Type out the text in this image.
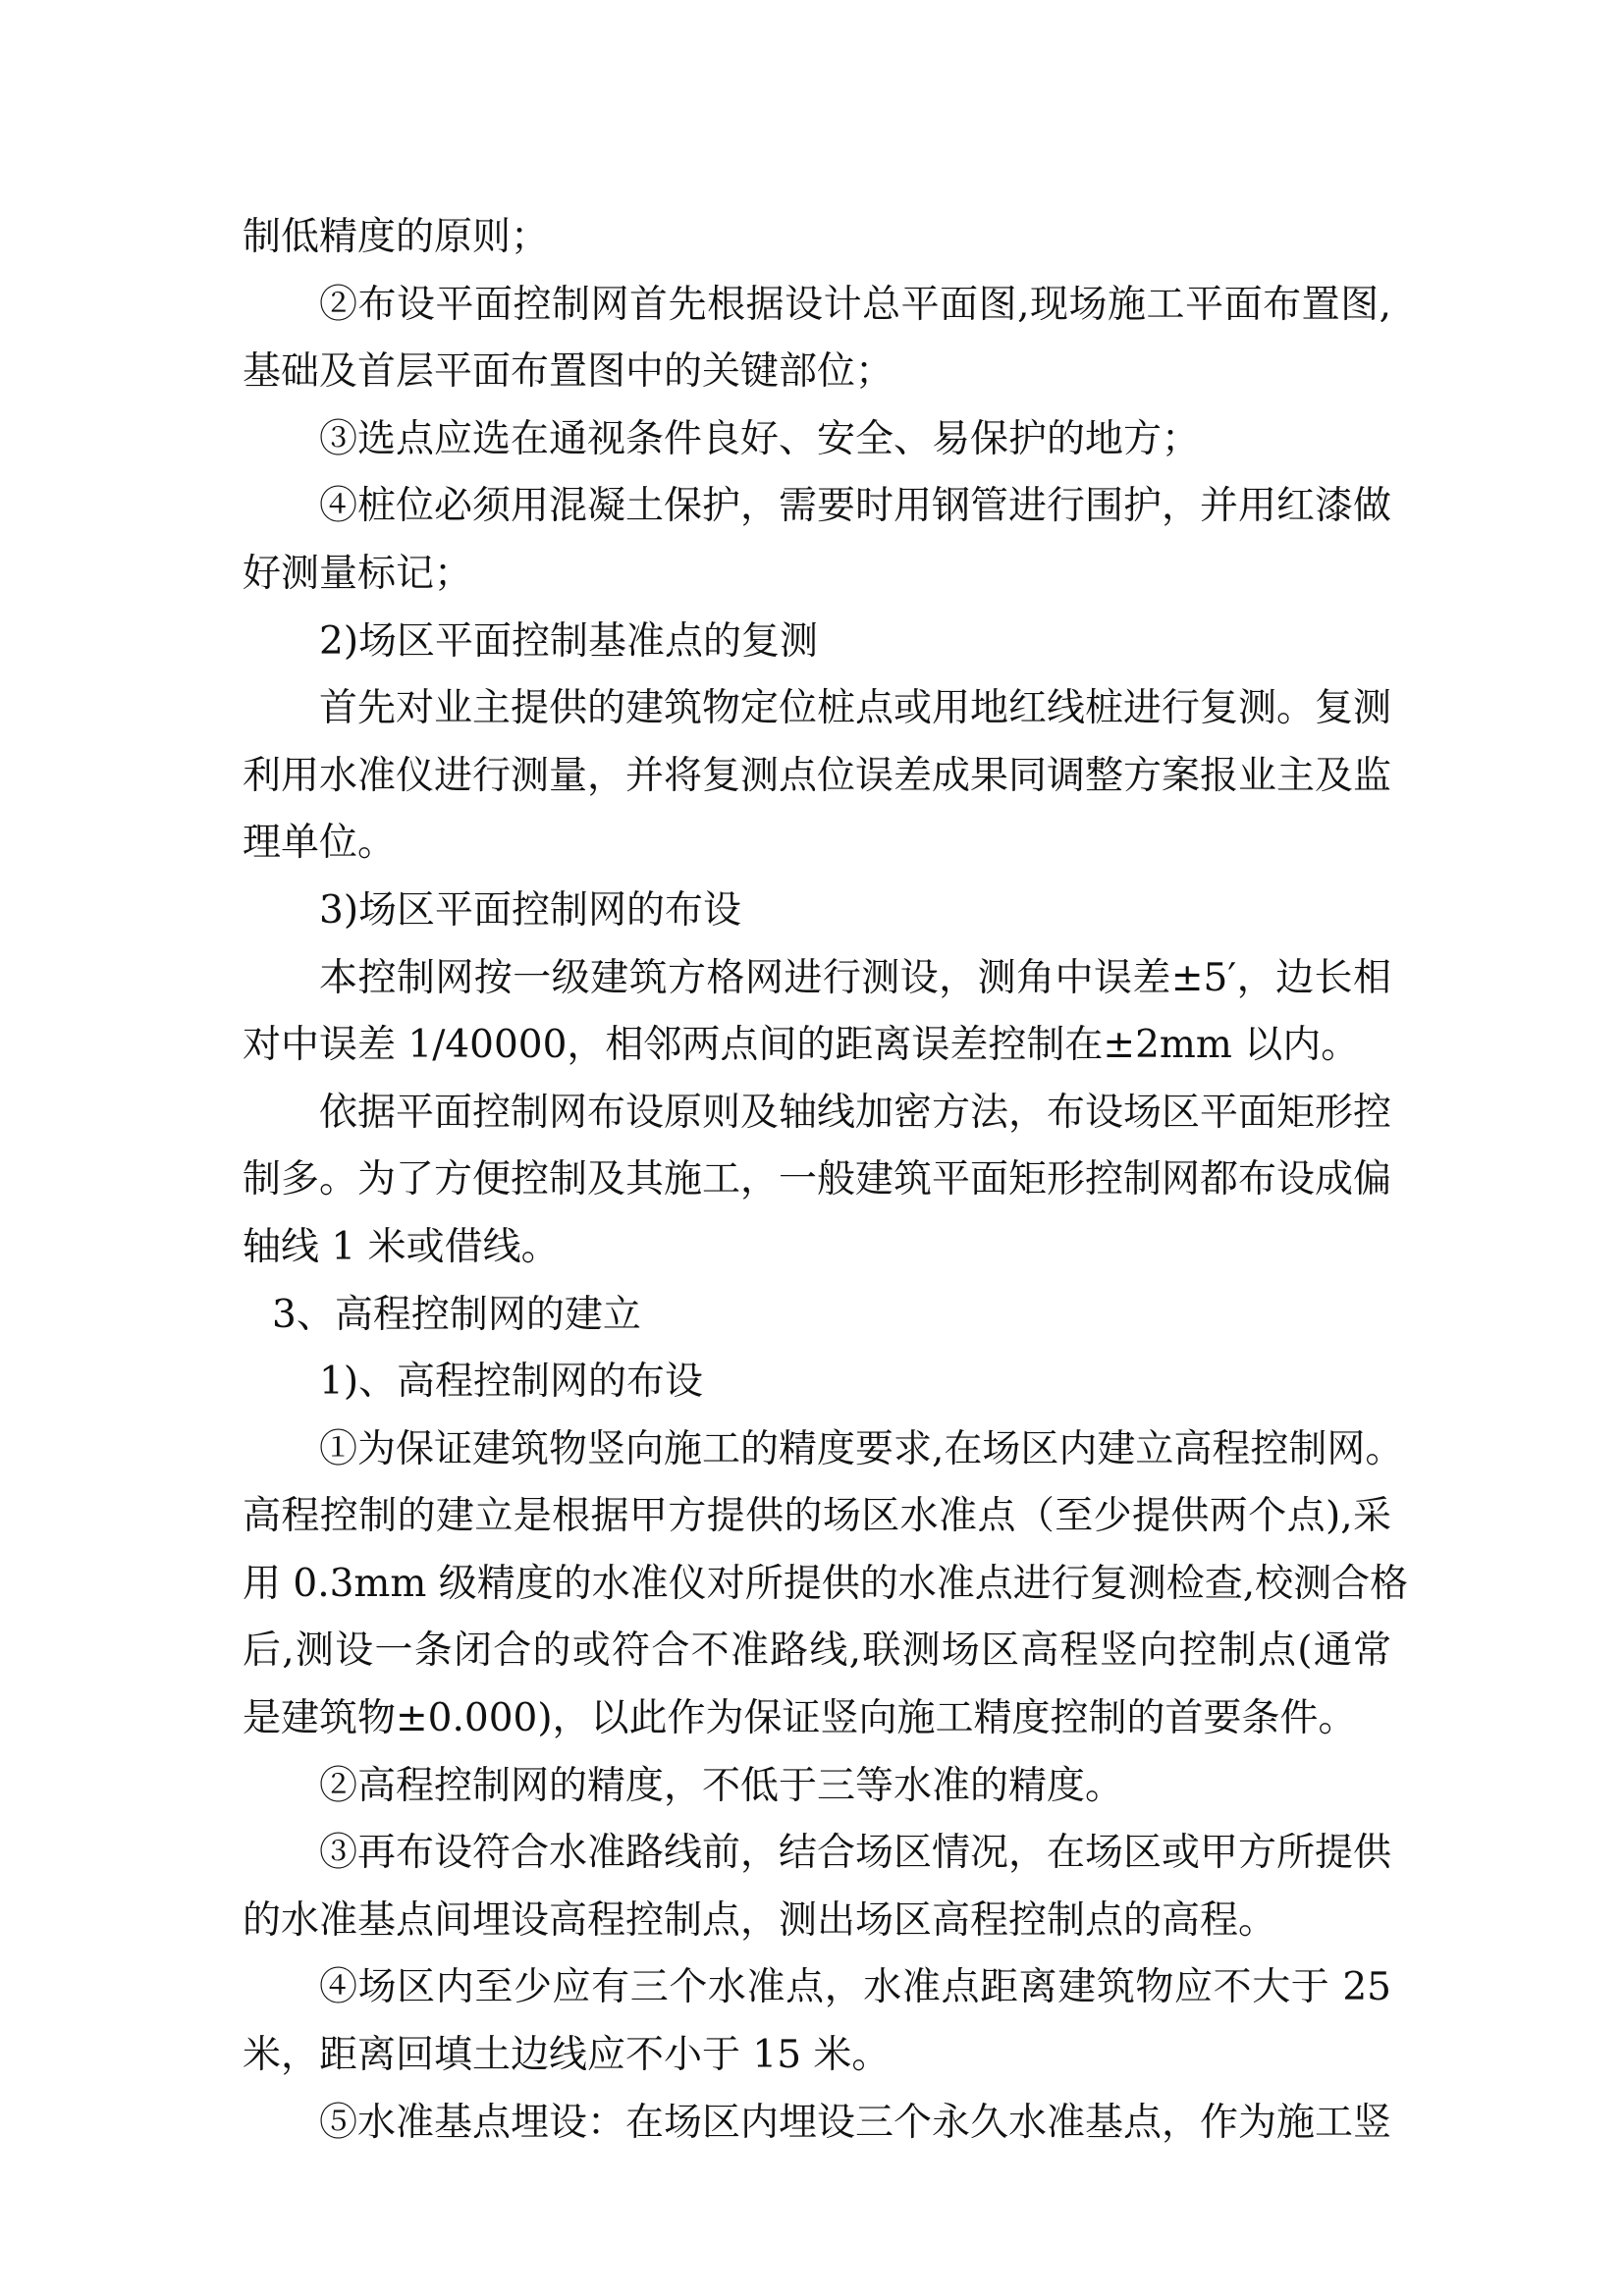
制低精度的原则；
②布设平面控制网首先根据设计总平面图,现场施工平面布置图,
基础及首层平面布置图中的关键部位；
③选点应选在通视条件良好、安全、易保护的地方；
④桩位必须用混凝土保护，需要时用钢管进行围护，并用红漆做
好测量标记；
2)场区平面控制基准点的复测
首先对业主提供的建筑物定位桩点或用地红线桩进行复测。复测
利用水准仪进行测量，并将复测点位误差成果同调整方案报业主及监
理单位。
3)场区平面控制网的布设
本控制网按一级建筑方格网进行测设，测角中误差±5′，边长相
对中误差 1/40000，相邻两点间的距离误差控制在±2mm 以内。
依据平面控制网布设原则及轴线加密方法，布设场区平面矩形控
制多。为了方便控制及其施工，一般建筑平面矩形控制网都布设成偏
轴线 1 米或借线。
3、高程控制网的建立
1)、高程控制网的布设
①为保证建筑物竖向施工的精度要求,在场区内建立高程控制网。
高程控制的建立是根据甲方提供的场区水准点（至少提供两个点),采
用 0.3mm 级精度的水准仪对所提供的水准点进行复测检查,校测合格
后,测设一条闭合的或符合不准路线,联测场区高程竖向控制点(通常
是建筑物±0.000)，以此作为保证竖向施工精度控制的首要条件。
②高程控制网的精度，不低于三等水准的精度。
③再布设符合水准路线前，结合场区情况，在场区或甲方所提供
的水准基点间埋设高程控制点，测出场区高程控制点的高程。
④场区内至少应有三个水准点，水准点距离建筑物应不大于 25
米，距离回填土边线应不小于 15 米。
⑤水准基点埋设：在场区内埋设三个永久水准基点，作为施工竖
